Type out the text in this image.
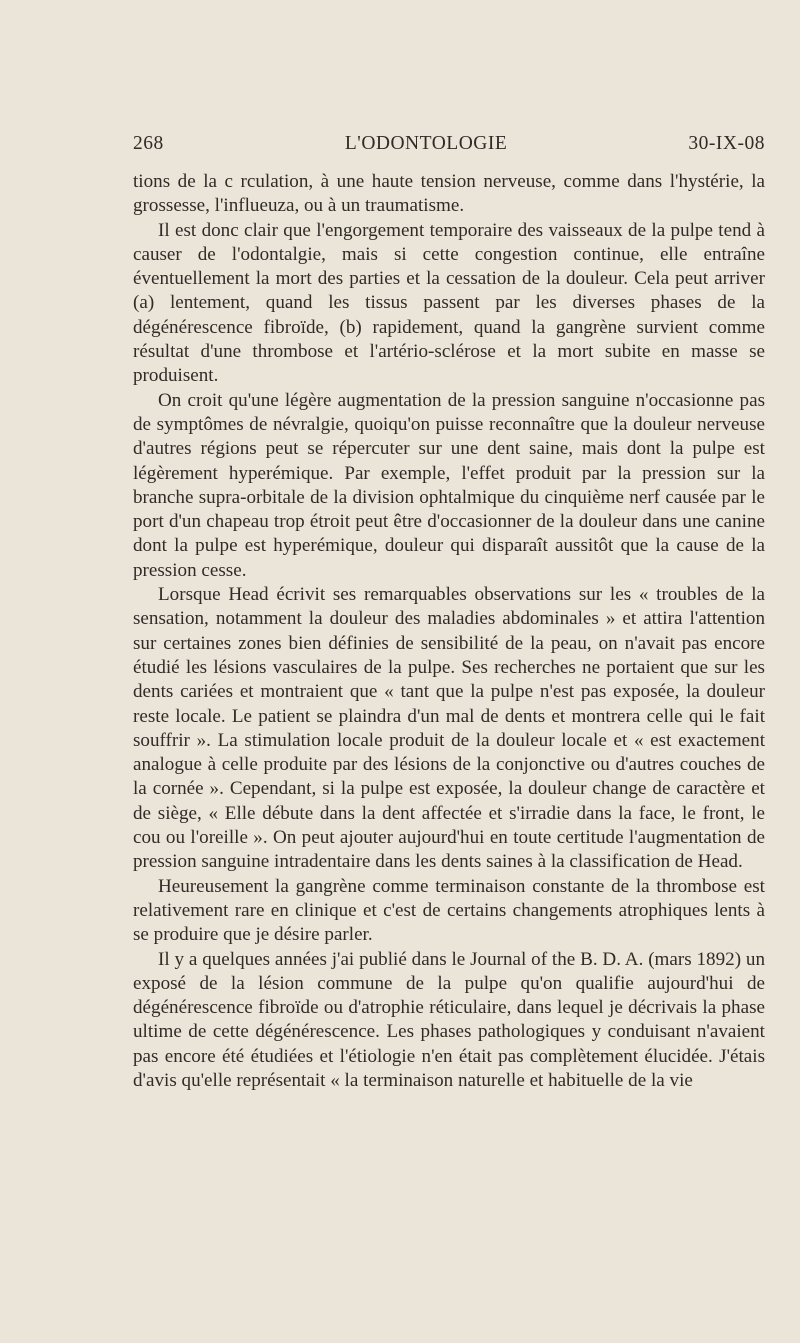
268	L'ODONTOLOGIE	30-IX-08

tions de la c rculation, à une haute tension nerveuse, comme dans l'hystérie, la grossesse, l'influeuza, ou à un traumatisme.

Il est donc clair que l'engorgement temporaire des vaisseaux de la pulpe tend à causer de l'odontalgie, mais si cette congestion continue, elle entraîne éventuellement la mort des parties et la cessation de la douleur. Cela peut arriver (a) lentement, quand les tissus passent par les diverses phases de la dégénérescence fibroïde, (b) rapidement, quand la gangrène survient comme résultat d'une thrombose et l'artério-sclérose et la mort subite en masse se produisent.

On croit qu'une légère augmentation de la pression sanguine n'occasionne pas de symptômes de névralgie, quoiqu'on puisse reconnaître que la douleur nerveuse d'autres régions peut se répercuter sur une dent saine, mais dont la pulpe est légèrement hyperémique. Par exemple, l'effet produit par la pression sur la branche supra-orbitale de la division ophtalmique du cinquième nerf causée par le port d'un chapeau trop étroit peut être d'occasionner de la douleur dans une canine dont la pulpe est hyperémique, douleur qui disparaît aussitôt que la cause de la pression cesse.

Lorsque Head écrivit ses remarquables observations sur les « troubles de la sensation, notamment la douleur des maladies abdominales » et attira l'attention sur certaines zones bien définies de sensibilité de la peau, on n'avait pas encore étudié les lésions vasculaires de la pulpe. Ses recherches ne portaient que sur les dents cariées et montraient que « tant que la pulpe n'est pas exposée, la douleur reste locale. Le patient se plaindra d'un mal de dents et montrera celle qui le fait souffrir ». La stimulation locale produit de la douleur locale et « est exactement analogue à celle produite par des lésions de la conjonctive ou d'autres couches de la cornée ». Cependant, si la pulpe est exposée, la douleur change de caractère et de siège, « Elle débute dans la dent affectée et s'irradie dans la face, le front, le cou ou l'oreille ». On peut ajouter aujourd'hui en toute certitude l'augmentation de pression sanguine intradentaire dans les dents saines à la classification de Head.

Heureusement la gangrène comme terminaison constante de la thrombose est relativement rare en clinique et c'est de certains changements atrophiques lents à se produire que je désire parler.

Il y a quelques années j'ai publié dans le Journal of the B. D. A. (mars 1892) un exposé de la lésion commune de la pulpe qu'on qualifie aujourd'hui de dégénérescence fibroïde ou d'atrophie réticulaire, dans lequel je décrivais la phase ultime de cette dégénérescence. Les phases pathologiques y conduisant n'avaient pas encore été étudiées et l'étiologie n'en était pas complètement élucidée. J'étais d'avis qu'elle représentait « la terminaison naturelle et habituelle de la vie
